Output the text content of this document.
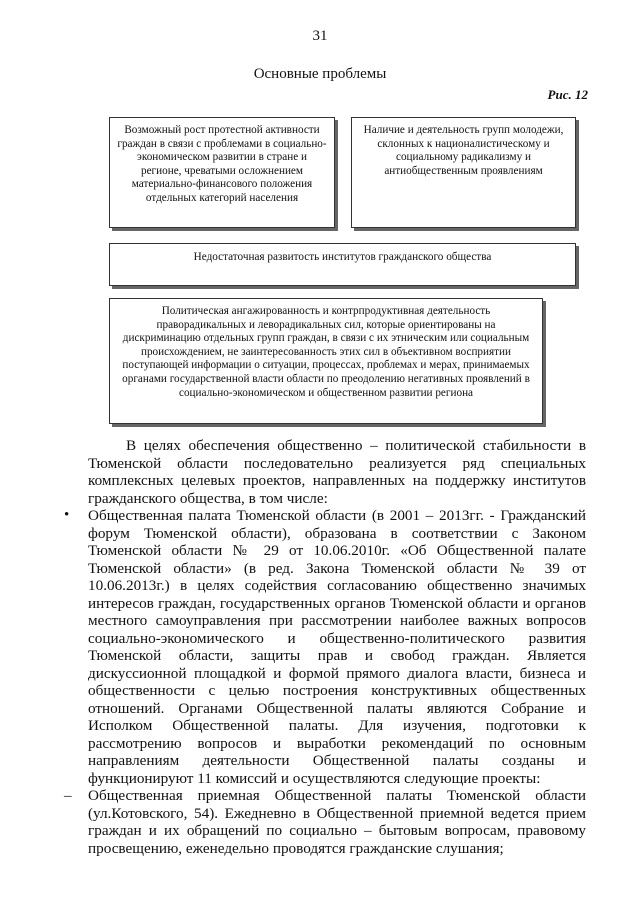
31
Основные проблемы
Рис. 12
Возможный рост протестной активности граждан в связи с проблемами в социально-экономическом развитии в стране и регионе, чреватыми осложнением материально-финансового положения отдельных категорий населения
Наличие и деятельность групп молодежи, склонных к националистическому и социальному радикализму и антиобщественным проявлениям
Недостаточная развитость институтов гражданского общества
Политическая ангажированность и контрпродуктивная деятельность праворадикальных и леворадикальных сил, которые ориентированы на дискриминацию отдельных групп граждан, в связи с их этническим или социальным происхождением, не заинтересованность этих сил в объективном восприятии поступающей информации о ситуации, процессах, проблемах и мерах, принимаемых органами государственной власти области по преодолению негативных проявлений в социально-экономическом и общественном развитии региона

В целях обеспечения общественно – политической стабильности в Тюменской области последовательно реализуется ряд специальных комплексных целевых проектов, направленных на поддержку институтов гражданского общества, в том числе:

• Общественная палата Тюменской области (в 2001 – 2013гг. - Гражданский форум Тюменской области), образована в соответствии с Законом Тюменской области № 29 от 10.06.2010г. «Об Общественной палате Тюменской области» (в ред. Закона Тюменской области № 39 от 10.06.2013г.) в целях содействия согласованию общественно значимых интересов граждан, государственных органов Тюменской области и органов местного самоуправления при рассмотрении наиболее важных вопросов социально-экономического и общественно-политического развития Тюменской области, защиты прав и свобод граждан. Является дискуссионной площадкой и формой прямого диалога власти, бизнеса и общественности с целью построения конструктивных общественных отношений. Органами Общественной палаты являются Собрание и Исполком Общественной палаты. Для изучения, подготовки к рассмотрению вопросов и выработки рекомендаций по основным направлениям деятельности Общественной палаты созданы и функционируют 11 комиссий и осуществляются следующие проекты:

– Общественная приемная Общественной палаты Тюменской области (ул.Котовского, 54). Ежедневно в Общественной приемной ведется прием граждан и их обращений по социально – бытовым вопросам, правовому просвещению, еженедельно проводятся гражданские слушания;
